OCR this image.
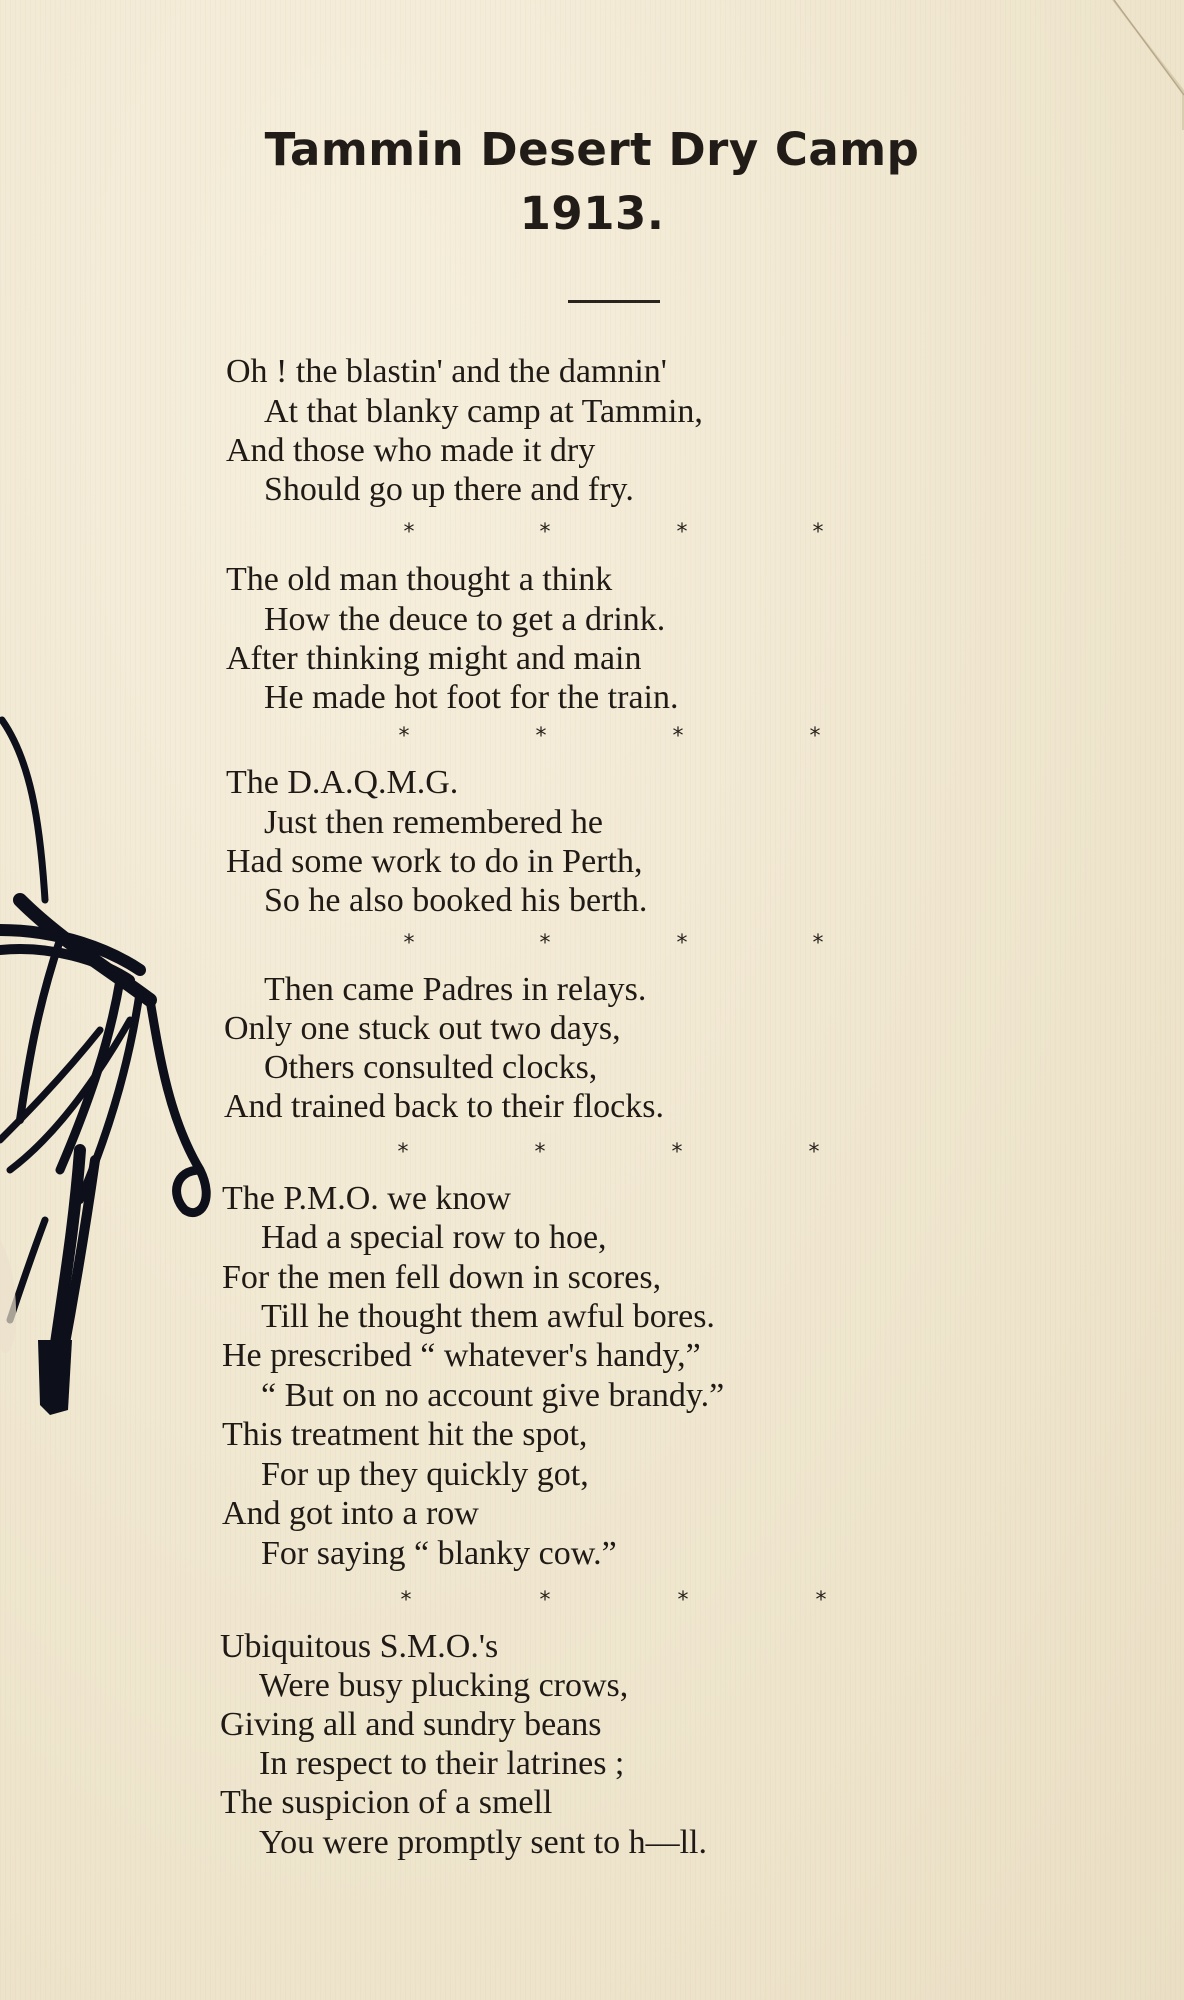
Tammin Desert Dry Camp
1913.
Oh ! the blastin' and the damnin'
At that blanky camp at Tammin,
And those who made it dry
Should go up there and fry.
*	*	*	*
The old man thought a think
How the deuce to get a drink.
After thinking might and main
He made hot foot for the train.
*	*	*	*
The D.A.Q.M.G.
Just then remembered he
Had some work to do in Perth,
So he also booked his berth.
*	*	*	*
Then came Padres in relays.
Only one stuck out two days,
Others consulted clocks,
And trained back to their flocks.
*	*	*	*
The P.M.O. we know
Had a special row to hoe,
For the men fell down in scores,
Till he thought them awful bores.
He prescribed “ whatever's handy,”
“ But on no account give brandy.”
This treatment hit the spot,
For up they quickly got,
And got into a row
For saying “ blanky cow.”
*	*	*	*
Ubiquitous S.M.O.'s
Were busy plucking crows,
Giving all and sundry beans
In respect to their latrines ;
The suspicion of a smell
You were promptly sent to h—ll.
